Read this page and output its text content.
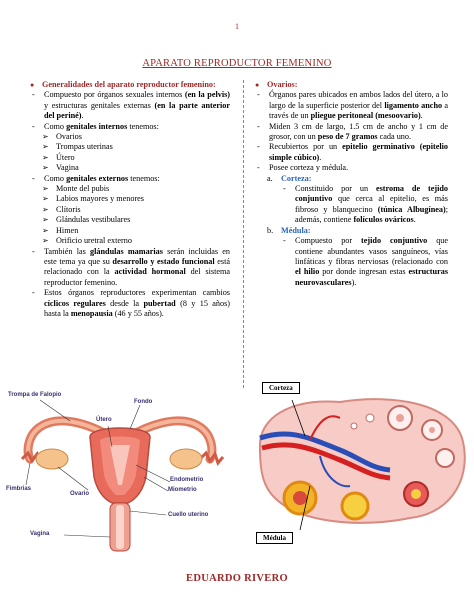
1
APARATO REPRODUCTOR FEMENINO
● Generalidades del aparato reproductor femenino:
-	Compuesto por órganos sexuales internos (en la pelvis) y estructuras genitales externas (en la parte anterior del periné).
-	Como genitales internos tenemos:
➢ Ovarios
➢ Trompas uterinas
➢ Útero
➢ Vagina
-	Como genitales externos tenemos:
➢ Monte del pubis
➢ Labios mayores y menores
➢ Clítoris
➢ Glándulas vestibulares
➢ Himen
➢ Orificio uretral externo
-	También las glándulas mamarias serán incluidas en este tema ya que su desarrollo y estado funcional está relacionado con la actividad hormonal del sistema reproductor femenino.
-	Estos órganos reproductores experimentan cambios cíclicos regulares desde la pubertad (8 y 15 años) hasta la menopausia (46 y 55 años).
● Ovarios:
-	Órganos pares ubicados en ambos lados del útero, a lo largo de la superficie posterior del ligamento ancho a través de un pliegue peritoneal (mesoovario).
-	Miden 3 cm de largo, 1.5 cm de ancho y 1 cm de grosor, con un peso de 7 gramos cada uno.
-	Recubiertos por un epitelio germinativo (epitelio simple cúbico).
-	Posee corteza y médula.
a.	Corteza:
-	Constituido por un estroma de tejido conjuntivo que cerca al epitelio, es más fibroso y blanquecino (túnica Albugínea); además, contiene folículos ováricos.
b. Médula:
-	Compuesto por tejido conjuntivo que contiene abundantes vasos sanguíneos, vías linfáticas y fibras nerviosas (relacionado con el hilio por donde ingresan estas estructuras neurovasculares).
Trompa de Falopio
Fondo
Útero
Fimbrias
Ovario
Endometrio
Miometrio
Cuello uterino
Vagina
Corteza
Médula
EDUARDO RIVERO
